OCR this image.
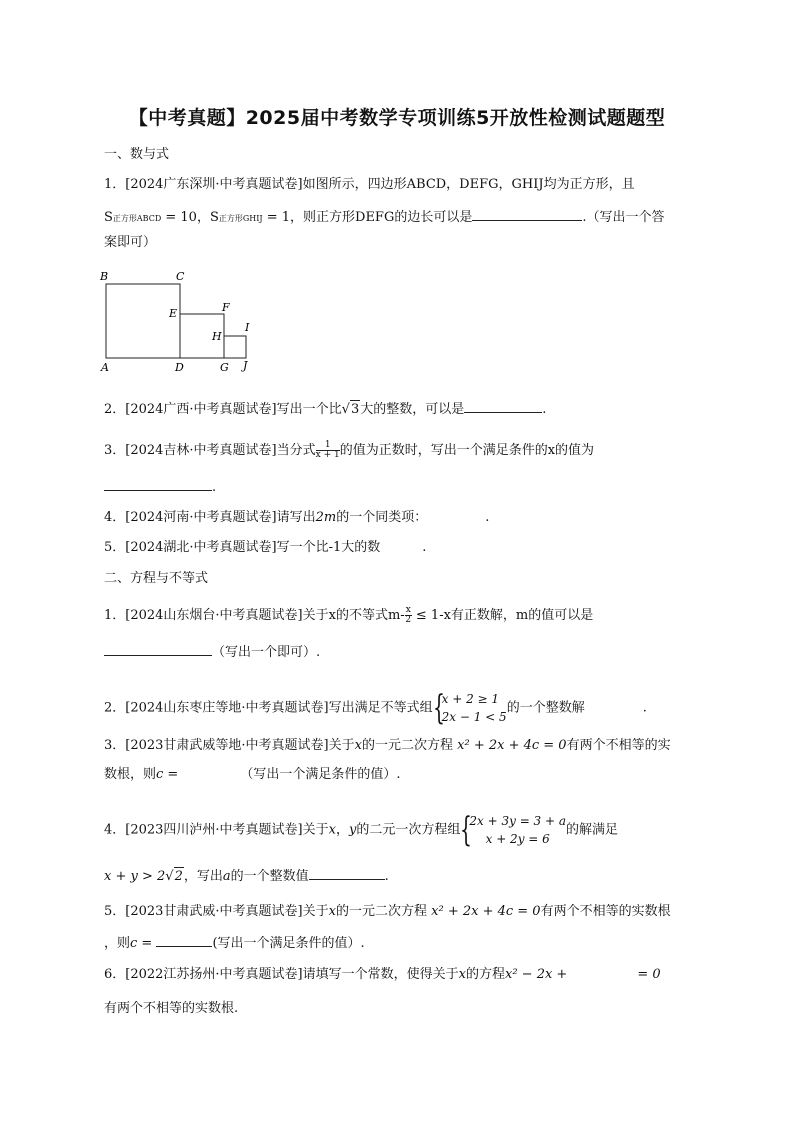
【中考真题】2025届中考数学专项训练5开放性检测试题题型
一、数与式
1．[2024广东深圳·中考真题试卷]如图所示，四边形ABCD，DEFG，GHIJ均为正方形，且
S正方形ABCD = 10，S正方形GHIJ = 1，则正方形DEFG的边长可以是	.（写出一个答
案即可）
B	C
E	F
H
I
A	D	G J
2．[2024广西·中考真题试卷]写出一个比√3大的整数，可以是	.
3．[2024吉林·中考真题试卷]当分式 $\frac{1}{x + 1}$ 的值为正数时，写出一个满足条件的x的值为
.
4．[2024河南·中考真题试卷]请写出2m的一个同类项：	.
5．[2024湖北·中考真题试卷]写一个比-1大的数	.
二、方程与不等式
1．[2024山东烟台·中考真题试卷]关于x的不等式$m- \frac{x}{2} \le 1-x$有正数解，m的值可以是
（写出一个即可）.
2．[2024山东枣庄等地·中考真题试卷]写出满足不等式组 {
x + 2 ≥ 1
2x − 1 < 5
的一个整数解	.
3．[2023甘肃武威等地·中考真题试卷]关于x的一元二次方程 x² + 2x + 4c = 0有两个不相等的实
数根，则c =	（写出一个满足条件的值）.
4．[2023四川泸州·中考真题试卷]关于x，y的二元一次方程组 {
2x + 3y = 3 + a
x + 2y = 6
的解满足
x + y > 2√2，写出a的一个整数值	.
5．[2023甘肃武威·中考真题试卷]关于x的一元二次方程 x² + 2x + 4c = 0有两个不相等的实数根
，则c =	(写出一个满足条件的值）.
6．[2022江苏扬州·中考真题试卷]请填写一个常数，使得关于x的方程x² − 2x +	= 0
有两个不相等的实数根.
